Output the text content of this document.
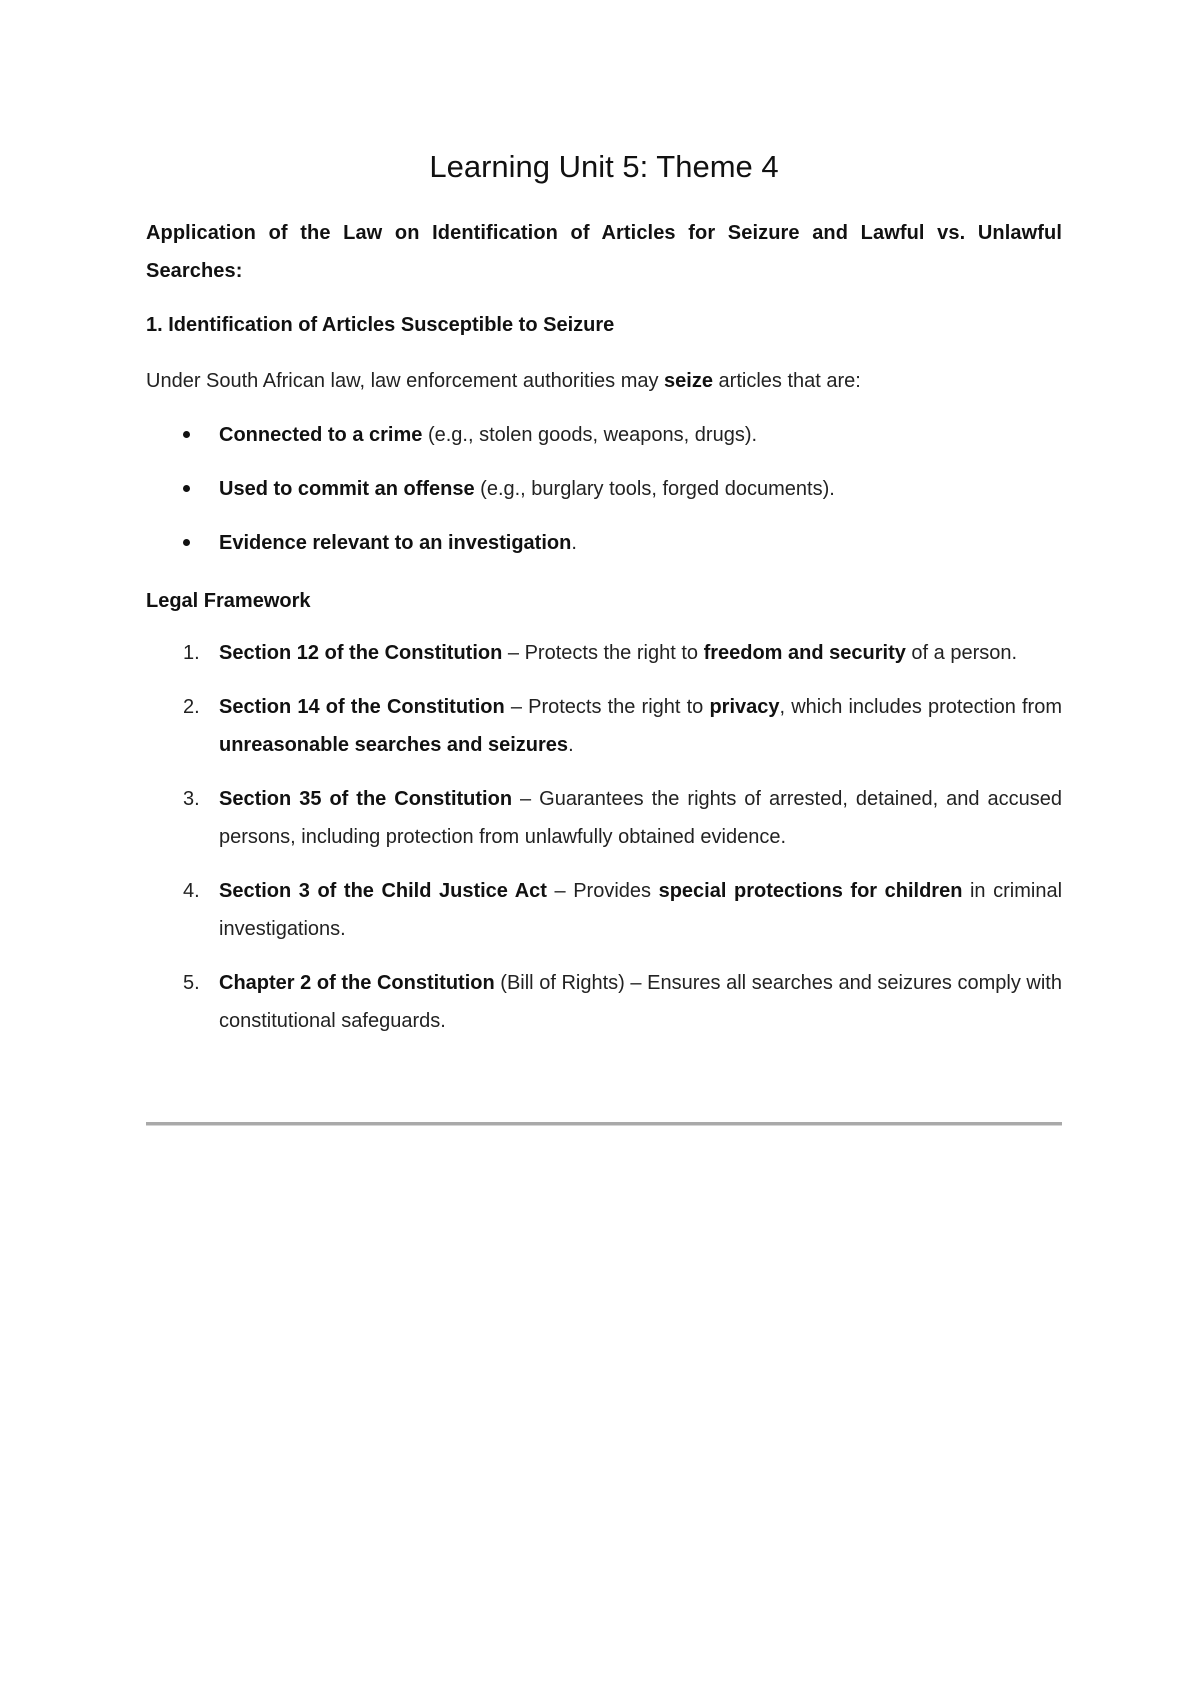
Learning Unit 5: Theme 4

Application of the Law on Identification of Articles for Seizure and Lawful vs. Unlawful Searches:

1. Identification of Articles Susceptible to Seizure

Under South African law, law enforcement authorities may seize articles that are:

Connected to a crime (e.g., stolen goods, weapons, drugs).
Used to commit an offense (e.g., burglary tools, forged documents).
Evidence relevant to an investigation.

Legal Framework

1. Section 12 of the Constitution – Protects the right to freedom and security of a person.
2. Section 14 of the Constitution – Protects the right to privacy, which includes protection from unreasonable searches and seizures.
3. Section 35 of the Constitution – Guarantees the rights of arrested, detained, and accused persons, including protection from unlawfully obtained evidence.
4. Section 3 of the Child Justice Act – Provides special protections for children in criminal investigations.
5. Chapter 2 of the Constitution (Bill of Rights) – Ensures all searches and seizures comply with constitutional safeguards.
